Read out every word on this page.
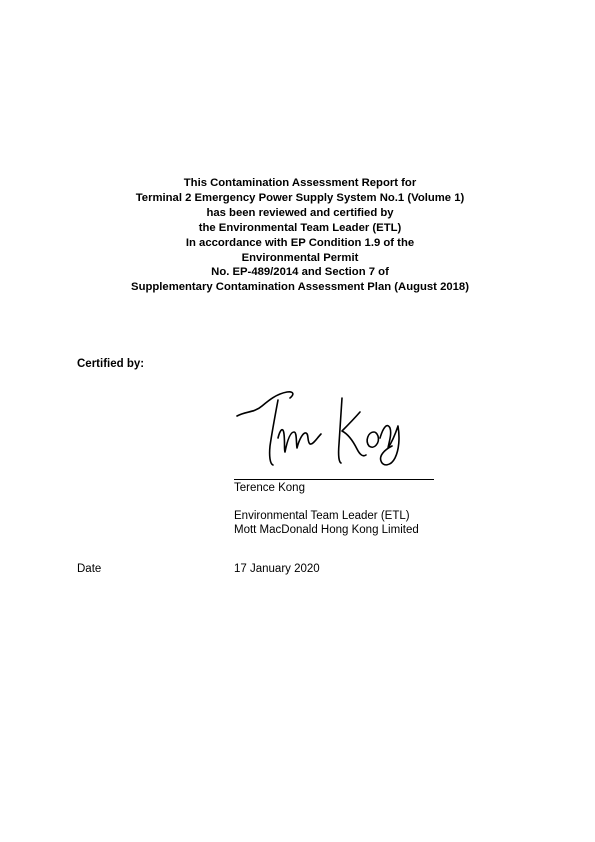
This Contamination Assessment Report for
Terminal 2 Emergency Power Supply System No.1 (Volume 1)
has been reviewed and certified by
the Environmental Team Leader (ETL)
In accordance with EP Condition 1.9 of the
Environmental Permit
No. EP-489/2014 and Section 7 of
Supplementary Contamination Assessment Plan (August 2018)
Certified by:
Terence Kong
Environmental Team Leader (ETL)
Mott MacDonald Hong Kong Limited
Date	17 January 2020
